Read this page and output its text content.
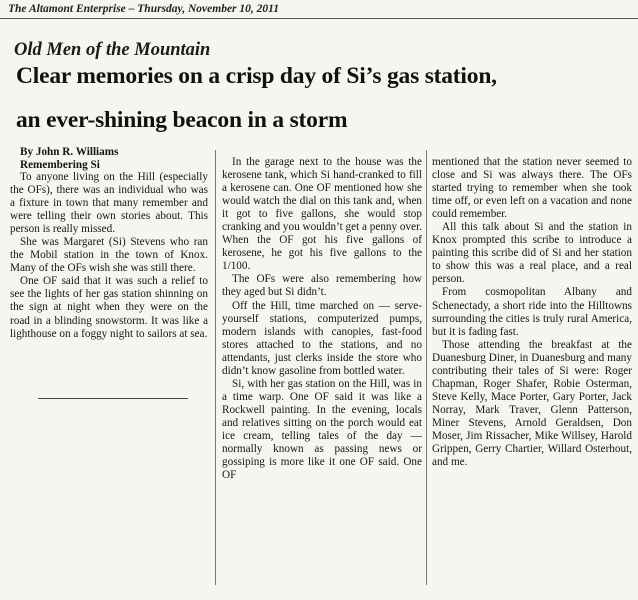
The Altamont Enterprise – Thursday, November 10, 2011
Old Men of the Mountain
Clear memories on a crisp day of Si’s gas station,
an ever-shining beacon in a storm

By John R. Williams

Remembering Si

To anyone living on the Hill (especially the OFs), there was an individual who was a fixture in town that many remember and were telling their own stories about. This person is really missed.

She was Margaret (Si) Stevens who ran the Mobil station in the town of Knox. Many of the OFs wish she was still there.

One OF said that it was such a relief to see the lights of her gas station shinning on the sign at night when they were on the road in a blinding snowstorm. It was like a lighthouse on a foggy night to sailors at sea.

In the garage next to the house was the kerosene tank, which Si hand-cranked to fill a kerosene can. One OF mentioned how she would watch the dial on this tank and, when it got to five gallons, she would stop cranking and you wouldn’t get a penny over. When the OF got his five gallons of kerosene, he got his five gallons to the 1/100.

The OFs were also remembering how they aged but Si didn’t.

Off the Hill, time marched on — serve-yourself stations, computerized pumps, modern islands with canopies, fast-food stores attached to the stations, and no attendants, just clerks inside the store who didn’t know gasoline from bottled water.

Si, with her gas station on the Hill, was in a time warp. One OF said it was like a Rockwell painting. In the evening, locals and relatives sitting on the porch would eat ice cream, telling tales of the day — normally known as passing news or gossiping is more like it one OF said. One OF

mentioned that the station never seemed to close and Si was always there. The OFs started trying to remember when she took time off, or even left on a vacation and none could remember.

All this talk about Si and the station in Knox prompted this scribe to introduce a painting this scribe did of Si and her station to show this was a real place, and a real person.

From cosmopolitan Albany and Schenectady, a short ride into the Hilltowns surrounding the cities is truly rural America, but it is fading fast.

Those attending the breakfast at the Duanesburg Diner, in Duanesburg and many contributing their tales of Si were: Roger Chapman, Roger Shafer, Robie Osterman, Steve Kelly, Mace Porter, Gary Porter, Jack Norray, Mark Traver, Glenn Patterson, Miner Stevens, Arnold Geraldsen, Don Moser, Jim Rissacher, Mike Willsey, Harold Grippen, Gerry Chartier, Willard Osterhout, and me.
